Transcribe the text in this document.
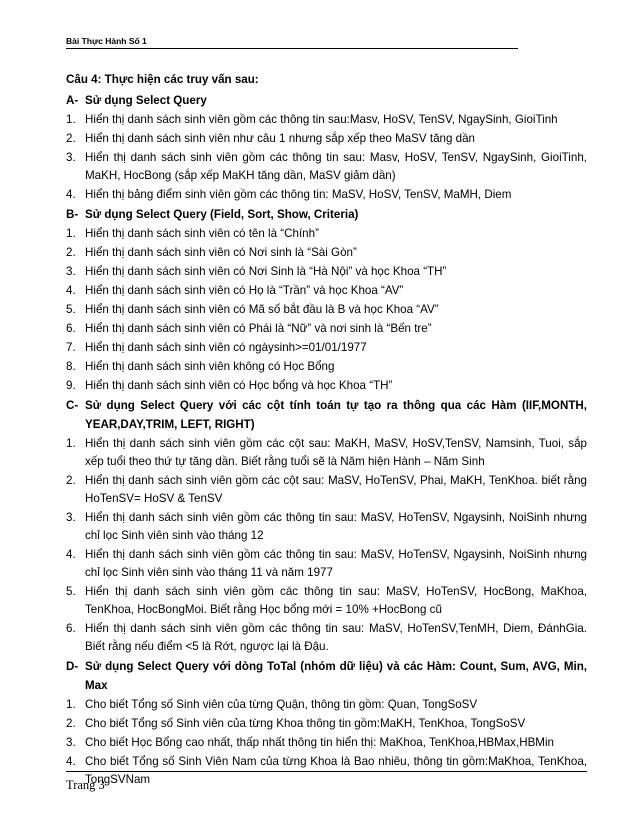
Bài Thực Hành Số 1
Câu 4: Thực hiện các truy vấn sau:
A- Sử dụng Select Query
1. Hiển thị danh sách sinh viên gồm các thông tin sau:Masv, HoSV, TenSV, NgaySinh, GioiTinh
2. Hiển thị danh sách sinh viên như câu 1 nhưng sắp xếp theo MaSV tăng dần
3. Hiển thị danh sách sinh viên gồm các thông tin sau: Masv, HoSV, TenSV, NgaySinh, GioiTinh, MaKH, HocBong (sắp xếp MaKH tăng dần, MaSV giảm dần)
4. Hiển thị bảng điểm sinh viên gồm các thông tin: MaSV, HoSV, TenSV, MaMH, Diem
B- Sử dụng Select Query (Field, Sort, Show, Criteria)
1. Hiển thị danh sách sinh viên có tên là “Chính”
2. Hiển thị danh sách sinh viên có Nơi sinh là “Sài Gòn”
3. Hiển thị danh sách sinh viên có Nơi Sinh là “Hà Nội” và học Khoa “TH”
4. Hiển thị danh sách sinh viên có Họ là “Trần” và học Khoa “AV”
5. Hiển thị danh sách sinh viên có Mã số bắt đầu là B và học Khoa “AV”
6. Hiển thị danh sách sinh viên có Phái là “Nữ” và nơi sinh là “Bến tre”
7. Hiển thị danh sách sinh viên có ngàysinh>=01/01/1977
8. Hiển thị danh sách sinh viên không có Học Bổng
9. Hiển thị danh sách sinh viên có Học bổng và học Khoa “TH”
C- Sử dụng Select Query với các cột tính toán tự tạo ra thông qua các Hàm (IIF,MONTH, YEAR,DAY,TRIM, LEFT, RIGHT)
1. Hiển thị danh sách sinh viên gồm các cột sau: MaKH, MaSV, HoSV,TenSV, Namsinh, Tuoi, sắp xếp tuổi theo thứ tự tăng dần. Biết rằng tuổi sẽ là Năm hiện Hành – Năm Sinh
2. Hiển thị danh sách sinh viên gồm các cột sau: MaSV, HoTenSV, Phai, MaKH, TenKhoa. biết rằng HoTenSV= HoSV & TenSV
3. Hiển thị danh sách sinh viên gồm các thông tin sau: MaSV, HoTenSV, Ngaysinh, NoiSinh nhưng chỉ lọc Sinh viên sinh vào tháng 12
4. Hiển thị danh sách sinh viên gồm các thông tin sau: MaSV, HoTenSV, Ngaysinh, NoiSinh nhưng chỉ lọc Sinh viên sinh vào tháng 11 và năm 1977
5. Hiển thị danh sách sinh viên gồm các thông tin sau: MaSV, HoTenSV, HocBong, MaKhoa, TenKhoa, HocBongMoi. Biết rằng Học bổng mới = 10% +HocBong cũ
6. Hiển thị danh sách sinh viên gồm các thông tin sau: MaSV, HoTenSV,TenMH, Diem, ĐánhGia. Biết rằng nếu điểm <5 là Rớt, ngược lại là Đậu.
D- Sử dụng Select Query với dòng ToTal (nhóm dữ liệu) và các Hàm: Count, Sum, AVG, Min, Max
1. Cho biết Tổng số Sinh viên của từng Quận, thông tin gồm: Quan, TongSoSV
2. Cho biết Tổng số Sinh viên của từng Khoa thông tin gồm:MaKH, TenKhoa, TongSoSV
3. Cho biết Học Bổng cao nhất, thấp nhất thông tin hiển thị: MaKhoa, TenKhoa,HBMax,HBMin
4. Cho biết Tổng số Sinh Viên Nam của từng Khoa là Bao nhiêu, thông tin gồm:MaKhoa, TenKhoa, TongSVNam
Trang 3
